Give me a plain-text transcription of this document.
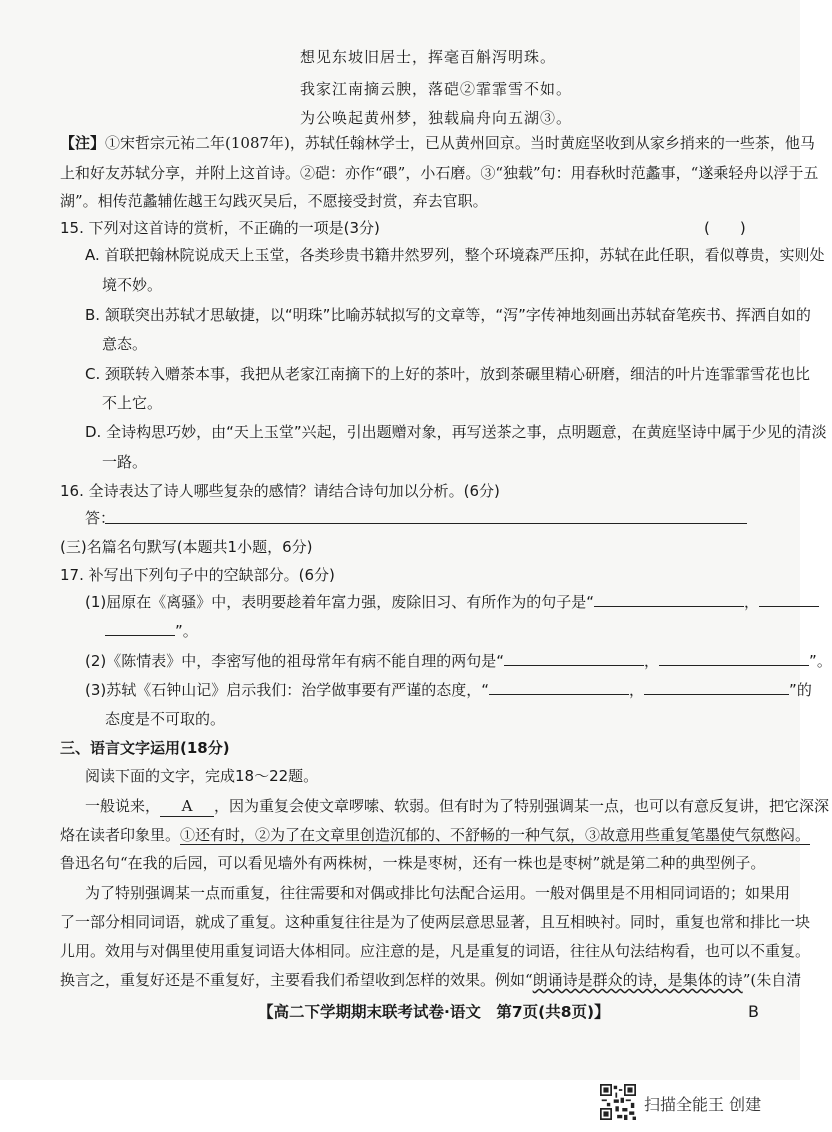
想见东坡旧居士，挥毫百斛泻明珠。
我家江南摘云腴，落硙②霏霏雪不如。
为公唤起黄州梦，独载扁舟向五湖③。
【注】①宋哲宗元祐二年(1087年)，苏轼任翰林学士，已从黄州回京。当时黄庭坚收到从家乡捎来的一些茶，他马
上和好友苏轼分享，并附上这首诗。②硙：亦作“碨”，小石磨。③“独载”句：用春秋时范蠡事，“遂乘轻舟以浮于五
湖”。相传范蠡辅佐越王勾践灭吴后，不愿接受封赏，弃去官职。
15. 下列对这首诗的赏析，不正确的一项是(3分)	(　　)
A. 首联把翰林院说成天上玉堂，各类珍贵书籍井然罗列，整个环境森严压抑，苏轼在此任职，看似尊贵，实则处
境不妙。
B. 颔联突出苏轼才思敏捷，以“明珠”比喻苏轼拟写的文章等，“泻”字传神地刻画出苏轼奋笔疾书、挥洒自如的
意态。
C. 颈联转入赠茶本事，我把从老家江南摘下的上好的茶叶，放到茶碾里精心研磨，细洁的叶片连霏霏雪花也比
不上它。
D. 全诗构思巧妙，由“天上玉堂”兴起，引出题赠对象，再写送茶之事，点明题意，在黄庭坚诗中属于少见的清淡
一路。
16. 全诗表达了诗人哪些复杂的感情？请结合诗句加以分析。(6分)
答：
(三)名篇名句默写(本题共1小题，6分)
17. 补写出下列句子中的空缺部分。(6分)
(1)屈原在《离骚》中，表明要趁着年富力强，废除旧习、有所作为的句子是“	，
”。
(2)《陈情表》中，李密写他的祖母常年有病不能自理的两句是“	，	”。
(3)苏轼《石钟山记》启示我们：治学做事要有严谨的态度，“	，	”的
态度是不可取的。
三、语言文字运用(18分)
阅读下面的文字，完成18～22题。
一般说来， A ，因为重复会使文章啰嗦、软弱。但有时为了特别强调某一点，也可以有意反复讲，把它深深
烙在读者印象里。①还有时，②为了在文章里创造沉郁的、不舒畅的一种气氛，③故意用些重复笔墨使气氛憋闷。
鲁迅名句“在我的后园，可以看见墙外有两株树，一株是枣树，还有一株也是枣树”就是第二种的典型例子。
为了特别强调某一点而重复，往往需要和对偶或排比句法配合运用。一般对偶里是不用相同词语的；如果用
了一部分相同词语，就成了重复。这种重复往往是为了使两层意思显著，且互相映衬。同时，重复也常和排比一块
儿用。效用与对偶里使用重复词语大体相同。应注意的是，凡是重复的词语，往往从句法结构看，也可以不重复。
换言之，重复好还是不重复好，主要看我们希望收到怎样的效果。例如“朗诵诗是群众的诗，是集体的诗”(朱自清
【高二下学期期末联考试卷·语文　第7页(共8页)】	B
扫描全能王 创建
